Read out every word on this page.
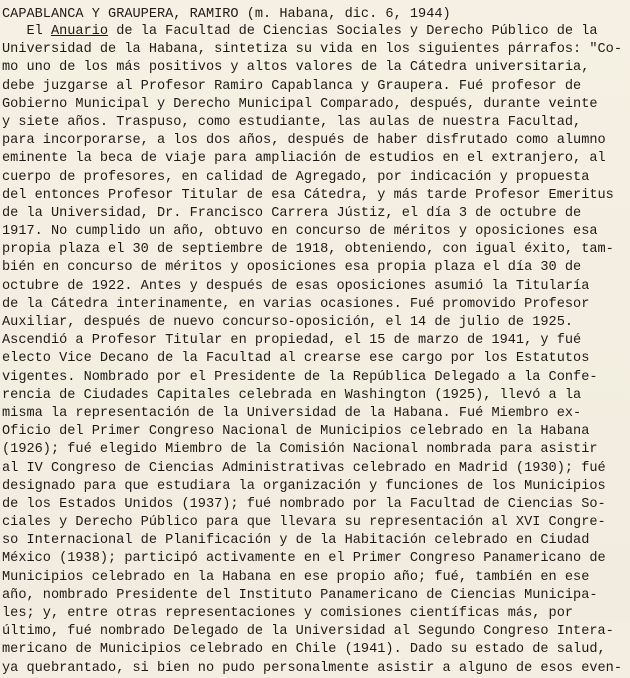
CAPABLANCA Y GRAUPERA, RAMIRO (m. Habana, dic. 6, 1944)
El Anuario de la Facultad de Ciencias Sociales y Derecho Público de la
Universidad de la Habana, sintetiza su vida en los siguientes párrafos: "Co-
mo uno de los más positivos y altos valores de la Cátedra universitaria,
debe juzgarse al Profesor Ramiro Capablanca y Graupera. Fué profesor de
Gobierno Municipal y Derecho Municipal Comparado, después, durante veinte
y siete años. Traspuso, como estudiante, las aulas de nuestra Facultad,
para incorporarse, a los dos años, después de haber disfrutado como alumno
eminente la beca de viaje para ampliación de estudios en el extranjero, al
cuerpo de profesores, en calidad de Agregado, por indicación y propuesta
del entonces Profesor Titular de esa Cátedra, y más tarde Profesor Emeritus
de la Universidad, Dr. Francisco Carrera Jústiz, el día 3 de octubre de
1917. No cumplido un año, obtuvo en concurso de méritos y oposiciones esa
propia plaza el 30 de septiembre de 1918, obteniendo, con igual éxito, tam-
bién en concurso de méritos y oposiciones esa propia plaza el día 30 de
octubre de 1922. Antes y después de esas oposiciones asumió la Titularía
de la Cátedra interinamente, en varias ocasiones. Fué promovido Profesor
Auxiliar, después de nuevo concurso-oposición, el 14 de julio de 1925.
Ascendió a Profesor Titular en propiedad, el 15 de marzo de 1941, y fué
electo Vice Decano de la Facultad al crearse ese cargo por los Estatutos
vigentes. Nombrado por el Presidente de la República Delegado a la Confe-
rencia de Ciudades Capitales celebrada en Washington (1925), llevó a la
misma la representación de la Universidad de la Habana. Fué Miembro ex-
Oficio del Primer Congreso Nacional de Municipios celebrado en la Habana
(1926); fué elegido Miembro de la Comisión Nacional nombrada para asistir
al IV Congreso de Ciencias Administrativas celebrado en Madrid (1930); fué
designado para que estudiara la organización y funciones de los Municipios
de los Estados Unidos (1937); fué nombrado por la Facultad de Ciencias So-
ciales y Derecho Público para que llevara su representación al XVI Congre-
so Internacional de Planificación y de la Habitación celebrado en Ciudad
México (1938); participó activamente en el Primer Congreso Panamericano de
Municipios celebrado en la Habana en ese propio año; fué, también en ese
año, nombrado Presidente del Instituto Panamericano de Ciencias Municipa-
les; y, entre otras representaciones y comisiones científicas más, por
último, fué nombrado Delegado de la Universidad al Segundo Congreso Intera-
mericano de Municipios celebrado en Chile (1941). Dado su estado de salud,
ya quebrantado, si bien no pudo personalmente asistir a alguno de esos even-
